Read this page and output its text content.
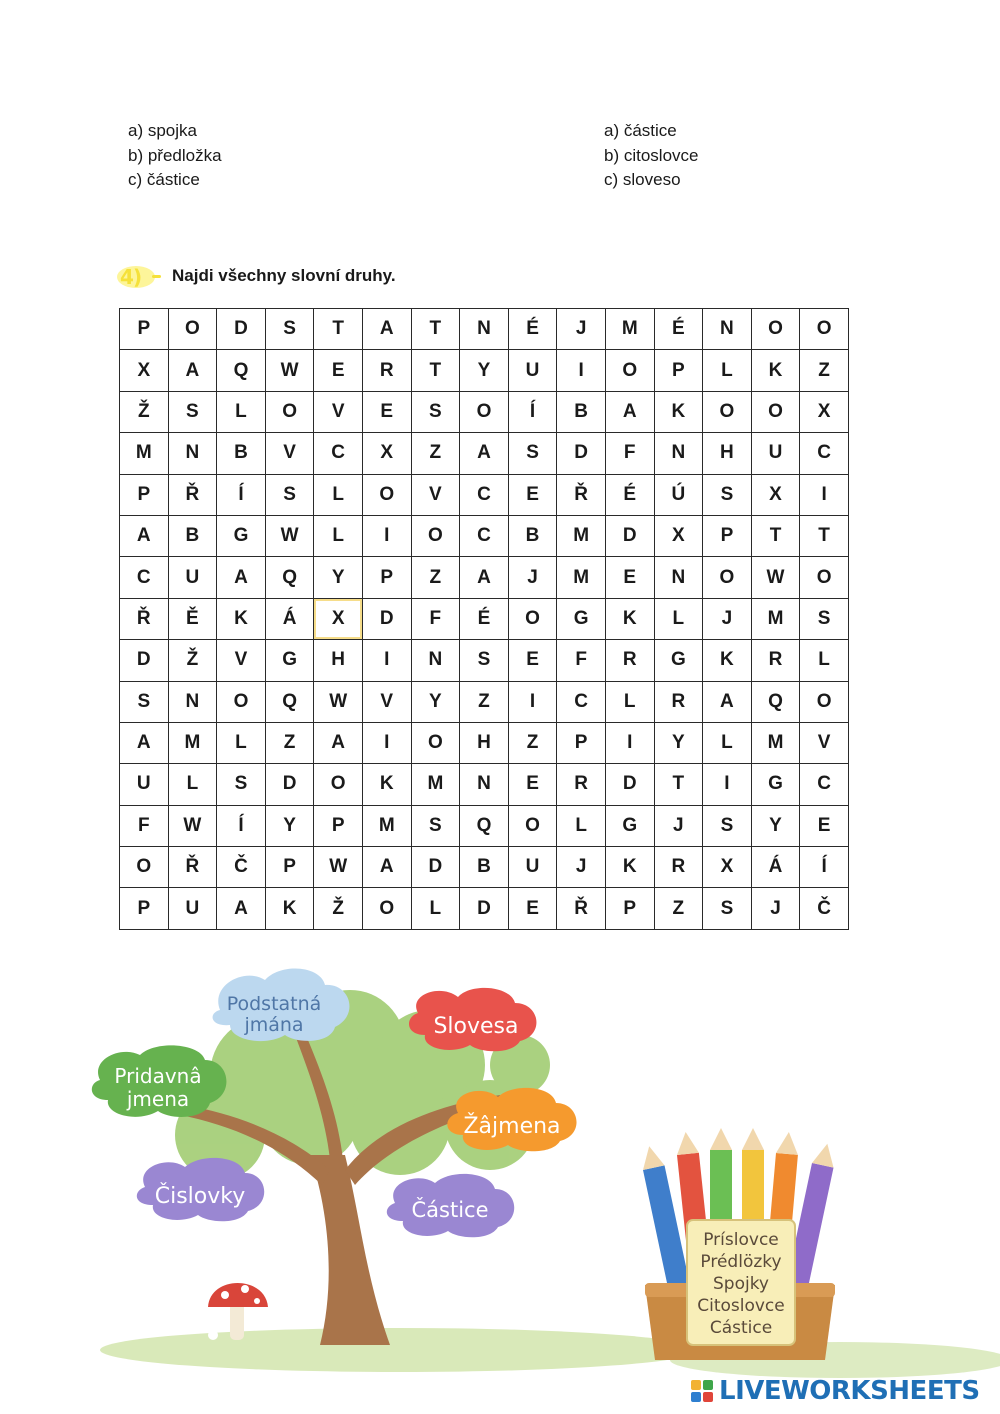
a) spojka
b) předložka
c) částice
a) částice
b) citoslovce
c) sloveso
4 ) Najdi všechny slovní druhy.
P	O	D	S	T	A	T	N	É	J	M	É	N	O	O
X	A	Q	W	E	R	T	Y	U	I	O	P	L	K	Z
Ž	S	L	O	V	E	S	O	Í	B	A	K	O	O	X
M	N	B	V	C	X	Z	A	S	D	F	N	H	U	C
P	Ř	Í	S	L	O	V	C	E	Ř	É	Ú	S	X	I
A	B	G	W	L	I	O	C	B	M	D	X	P	T	T
C	U	A	Q	Y	P	Z	A	J	M	E	N	O	W	O
Ř	Ě	K	Á	X	D	F	É	O	G	K	L	J	M	S
D	Ž	V	G	H	I	N	S	E	F	R	G	K	R	L
S	N	O	Q	W	V	Y	Z	I	C	L	R	A	Q	O
A	M	L	Z	A	I	O	H	Z	P	I	Y	L	M	V
U	L	S	D	O	K	M	N	E	R	D	T	I	G	C
F	W	Í	Y	P	M	S	Q	O	L	G	J	S	Y	E
O	Ř	Č	P	W	A	D	B	U	J	K	R	X	Á	Í
P	U	A	K	Ž	O	L	D	E	Ř	P	Z	S	J	Č
Podstatná
jmána	Slovesa
Pridavnâ
jmena
Žâjmena
Čislovky
Částice
Príslovce
Prédlözky
Spojky
Citoslovce
Cástice
LIVEWORKSHEETS
